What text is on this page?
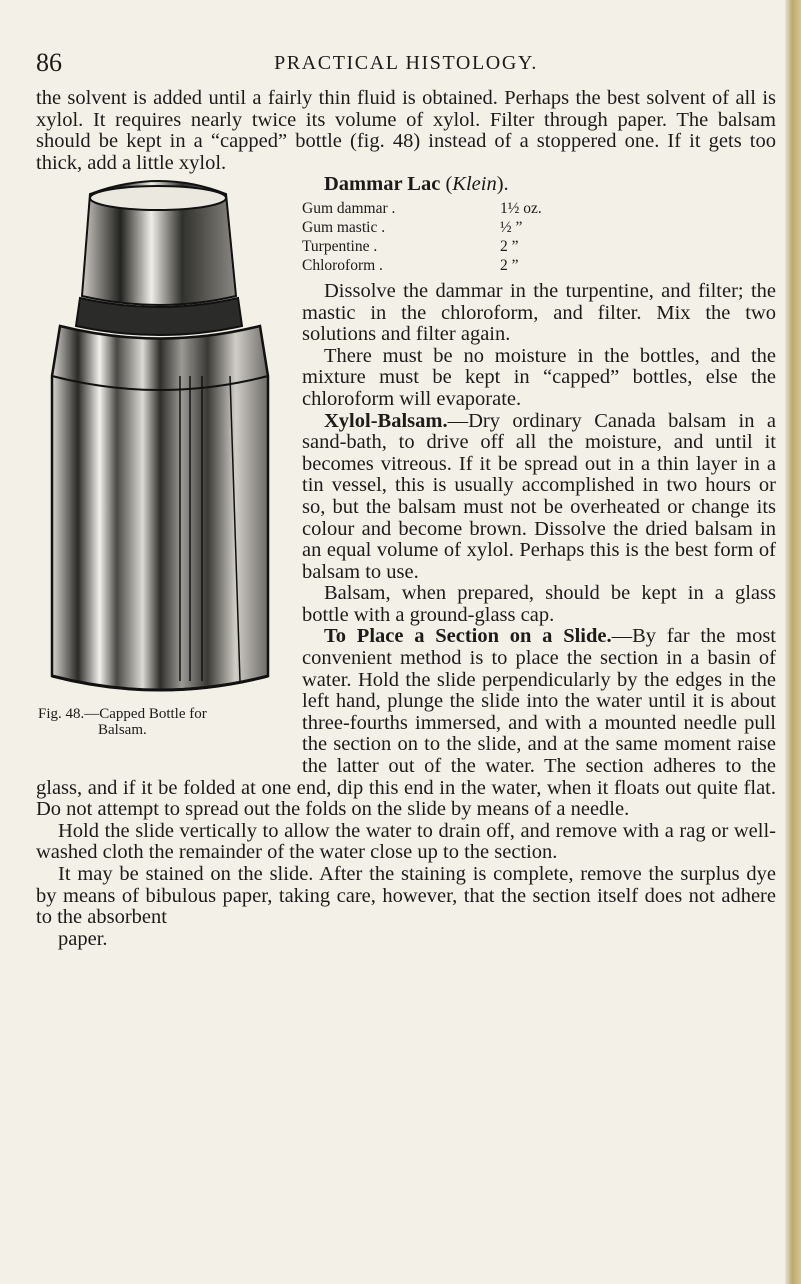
86	PRACTICAL HISTOLOGY.

the solvent is added until a fairly thin fluid is obtained. Perhaps the best solvent of all is xylol. It requires nearly twice its volume of xylol. Filter through paper. The balsam should be kept in a “capped” bottle (fig. 48) instead of a stoppered one. If it gets too thick, add a little xylol.

Fig. 48.—Capped Bottle for
Balsam.

Dammar Lac (Klein).

Gum dammar .	1½ oz.
Gum mastic .	½ ”
Turpentine .	2 ”
Chloroform .	2 ”

Dissolve the dammar in the turpentine, and filter; the mastic in the chloroform, and filter. Mix the two solutions and filter again.

There must be no moisture in the bottles, and the mixture must be kept in “capped” bottles, else the chloroform will evaporate.

Xylol-Balsam.—Dry ordinary Canada balsam in a sand-bath, to drive off all the moisture, and until it becomes vitreous. If it be spread out in a thin layer in a tin vessel, this is usually accomplished in two hours or so, but the balsam must not be overheated or change its colour and become brown. Dissolve the dried balsam in an equal volume of xylol. Perhaps this is the best form of balsam to use.

Balsam, when prepared, should be kept in a glass bottle with a ground-glass cap.

To Place a Section on a Slide.—By far the most convenient method is to place the section in a basin of water. Hold the slide perpendicularly by the edges in the left hand, plunge the slide into the water until it is about three-fourths immersed, and with a mounted needle pull the section on to the slide, and at the same moment raise the latter out of the water. The section adheres to the glass, and if it be folded at one end, dip this end in the water, when it floats out quite flat. Do not attempt to spread out the folds on the slide by means of a needle.

Hold the slide vertically to allow the water to drain off, and remove with a rag or well-washed cloth the remainder of the water close up to the section.

It may be stained on the slide. After the staining is complete, remove the surplus dye by means of bibulous paper, taking care, however, that the section itself does not adhere to the absorbent
paper.
